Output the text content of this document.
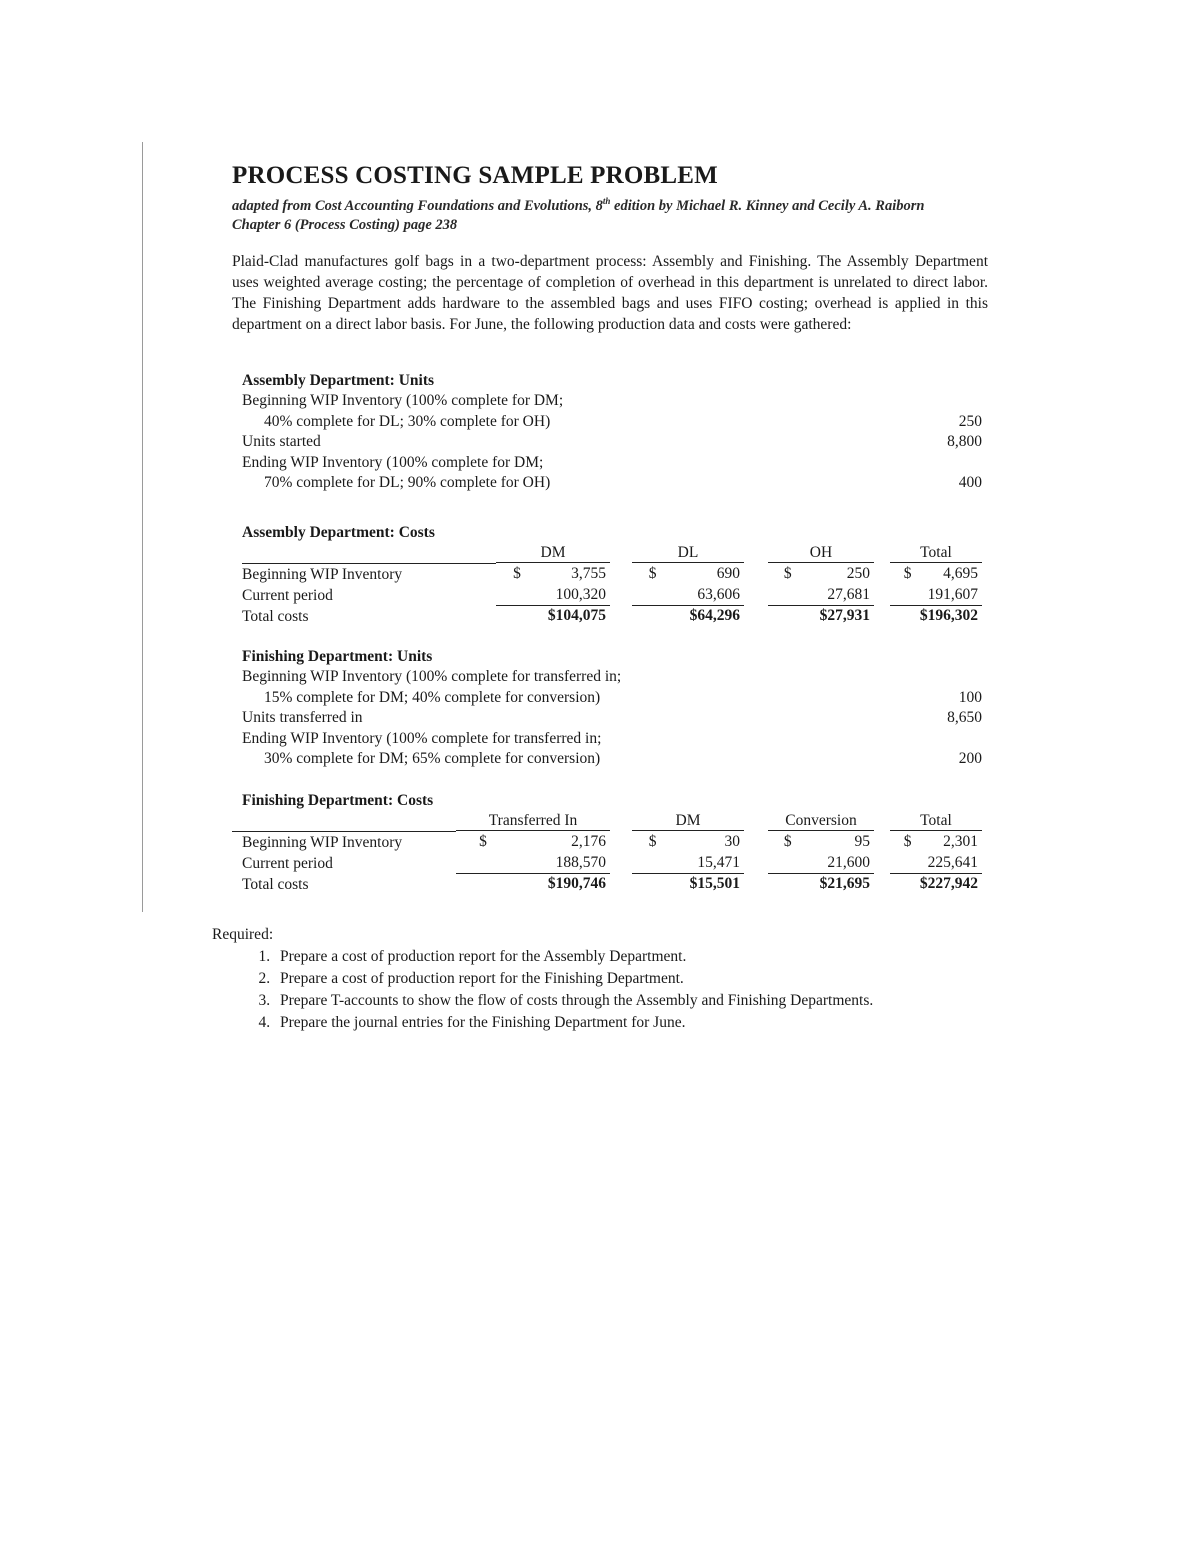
PROCESS COSTING SAMPLE PROBLEM
adapted from Cost Accounting Foundations and Evolutions, 8th edition by Michael R. Kinney and Cecily A. Raiborn
Chapter 6 (Process Costing) page 238
Plaid-Clad manufactures golf bags in a two-department process: Assembly and Finishing. The Assembly Department uses weighted average costing; the percentage of completion of overhead in this department is unrelated to direct labor. The Finishing Department adds hardware to the assembled bags and uses FIFO costing; overhead is applied in this department on a direct labor basis. For June, the following production data and costs were gathered:
Assembly Department: Units
Beginning WIP Inventory (100% complete for DM;
40% complete for DL; 30% complete for OH)	250
Units started	8,800
Ending WIP Inventory (100% complete for DM;
70% complete for DL; 90% complete for OH)	400
Assembly Department: Costs
DM	DL	OH	Total
Beginning WIP Inventory	$	3,755	$	690	$	250 $ 4,695
Current period	100,320	63,606	27,681	191,607
Total costs	$104,075	$64,296	$27,931	$196,302
Finishing Department: Units
Beginning WIP Inventory (100% complete for transferred in;
15% complete for DM; 40% complete for conversion)	100
Units transferred in	8,650
Ending WIP Inventory (100% complete for transferred in;
30% complete for DM; 65% complete for conversion)	200
Finishing Department: Costs
Transferred In	DM	Conversion	Total
Beginning WIP Inventory	$	2,176	$	30	$	95 $ 2,301
Current period	188,570	15,471	21,600	225,641
Total costs	$190,746	$15,501	$21,695	$227,942
Required:
1. Prepare a cost of production report for the Assembly Department.
2. Prepare a cost of production report for the Finishing Department.
3. Prepare T-accounts to show the flow of costs through the Assembly and Finishing Departments.
4. Prepare the journal entries for the Finishing Department for June.
